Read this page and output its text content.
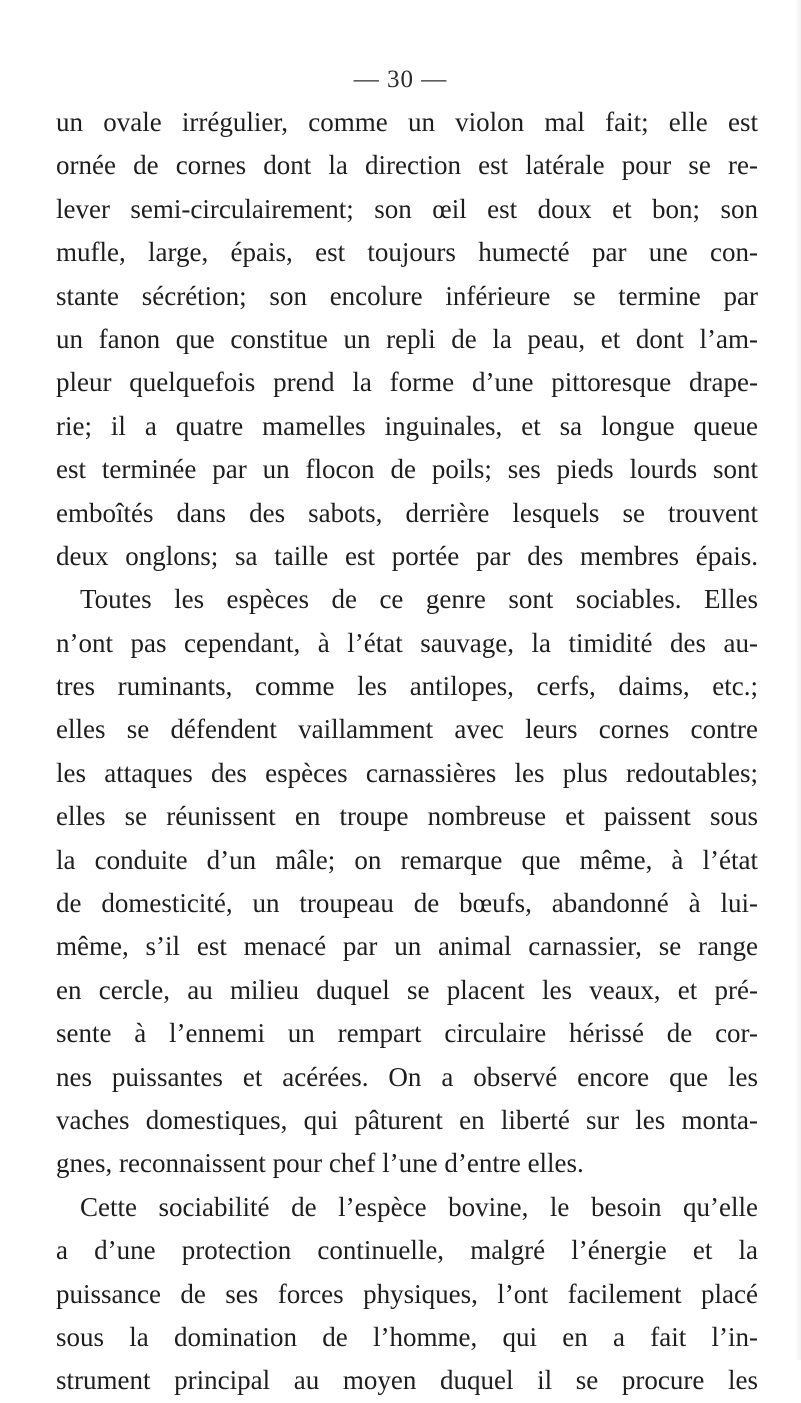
— 30 —
un ovale irrégulier, comme un violon mal fait; elle est
ornée de cornes dont la direction est latérale pour se re-
lever semi-circulairement; son œil est doux et bon; son
mufle, large, épais, est toujours humecté par une con-
stante sécrétion; son encolure inférieure se termine par
un fanon que constitue un repli de la peau, et dont l’am-
pleur quelquefois prend la forme d’une pittoresque drape-
rie; il a quatre mamelles inguinales, et sa longue queue
est terminée par un flocon de poils; ses pieds lourds sont
emboîtés dans des sabots, derrière lesquels se trouvent
deux onglons; sa taille est portée par des membres épais.
Toutes les espèces de ce genre sont sociables. Elles
n’ont pas cependant, à l’état sauvage, la timidité des au-
tres ruminants, comme les antilopes, cerfs, daims, etc.;
elles se défendent vaillamment avec leurs cornes contre
les attaques des espèces carnassières les plus redoutables;
elles se réunissent en troupe nombreuse et paissent sous
la conduite d’un mâle; on remarque que même, à l’état
de domesticité, un troupeau de bœufs, abandonné à lui-
même, s’il est menacé par un animal carnassier, se range
en cercle, au milieu duquel se placent les veaux, et pré-
sente à l’ennemi un rempart circulaire hérissé de cor-
nes puissantes et acérées. On a observé encore que les
vaches domestiques, qui pâturent en liberté sur les monta-
gnes, reconnaissent pour chef l’une d’entre elles.
Cette sociabilité de l’espèce bovine, le besoin qu’elle
a d’une protection continuelle, malgré l’énergie et la
puissance de ses forces physiques, l’ont facilement placé
sous la domination de l’homme, qui en a fait l’in-
strument principal au moyen duquel il se procure les
